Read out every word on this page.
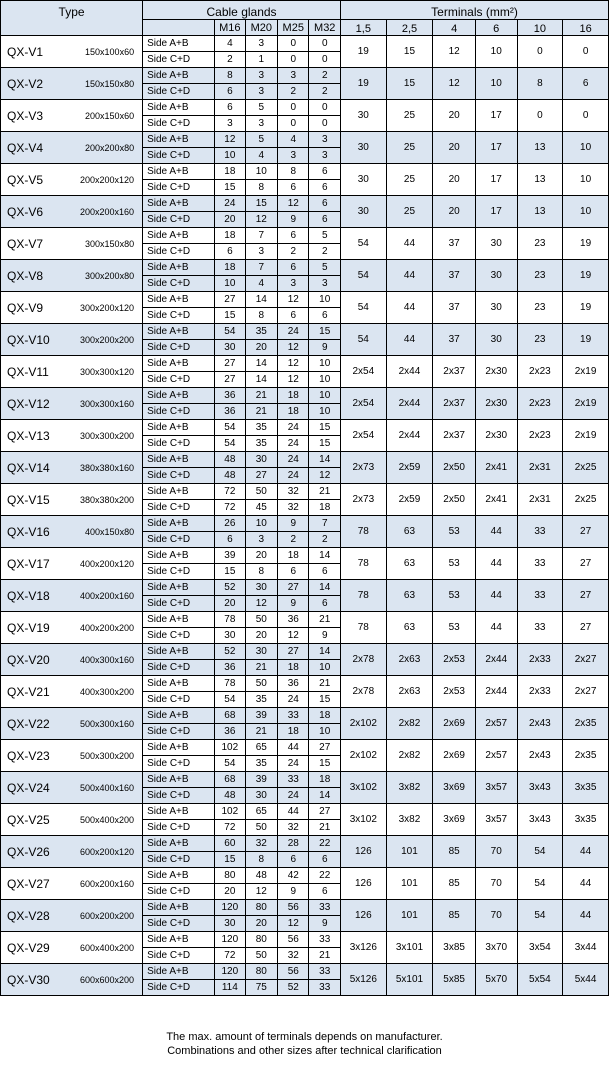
Type		Cable glands					Terminals (mm²)					
			M16	M20	M25	M32	1,5	2,5	4	6	10	16
QX-V1	150x100x60	Side A+B	4	3	0	0	19	15	12	10	0	0
		Side C+D	2	1	0	0						
QX-V2	150x150x80	Side A+B	8	3	3	2	19	15	12	10	8	6
		Side C+D	6	3	2	2						
QX-V3	200x150x60	Side A+B	6	5	0	0	30	25	20	17	0	0
		Side C+D	3	3	0	0						
QX-V4	200x200x80	Side A+B	12	5	4	3	30	25	20	17	13	10
		Side C+D	10	4	3	3						
QX-V5	200x200x120	Side A+B	18	10	8	6	30	25	20	17	13	10
		Side C+D	15	8	6	6						
QX-V6	200x200x160	Side A+B	24	15	12	6	30	25	20	17	13	10
		Side C+D	20	12	9	6						
QX-V7	300x150x80	Side A+B	18	7	6	5	54	44	37	30	23	19
		Side C+D	6	3	2	2						
QX-V8	300x200x80	Side A+B	18	7	6	5	54	44	37	30	23	19
		Side C+D	10	4	3	3						
QX-V9	300x200x120	Side A+B	27	14	12	10	54	44	37	30	23	19
		Side C+D	15	8	6	6						
QX-V10	300x200x200	Side A+B	54	35	24	15	54	44	37	30	23	19
		Side C+D	30	20	12	9						
QX-V11	300x300x120	Side A+B	27	14	12	10	2x54	2x44	2x37	2x30	2x23	2x19
		Side C+D	27	14	12	10						
QX-V12	300x300x160	Side A+B	36	21	18	10	2x54	2x44	2x37	2x30	2x23	2x19
		Side C+D	36	21	18	10						
QX-V13	300x300x200	Side A+B	54	35	24	15	2x54	2x44	2x37	2x30	2x23	2x19
		Side C+D	54	35	24	15						
QX-V14	380x380x160	Side A+B	48	30	24	14	2x73	2x59	2x50	2x41	2x31	2x25
		Side C+D	48	27	24	12						
QX-V15	380x380x200	Side A+B	72	50	32	21	2x73	2x59	2x50	2x41	2x31	2x25
		Side C+D	72	45	32	18						
QX-V16	400x150x80	Side A+B	26	10	9	7	78	63	53	44	33	27
		Side C+D	6	3	2	2						
QX-V17	400x200x120	Side A+B	39	20	18	14	78	63	53	44	33	27
		Side C+D	15	8	6	6						
QX-V18	400x200x160	Side A+B	52	30	27	14	78	63	53	44	33	27
		Side C+D	20	12	9	6						
QX-V19	400x200x200	Side A+B	78	50	36	21	78	63	53	44	33	27
		Side C+D	30	20	12	9						
QX-V20	400x300x160	Side A+B	52	30	27	14	2x78	2x63	2x53	2x44	2x33	2x27
		Side C+D	36	21	18	10						
QX-V21	400x300x200	Side A+B	78	50	36	21	2x78	2x63	2x53	2x44	2x33	2x27
		Side C+D	54	35	24	15						
QX-V22	500x300x160	Side A+B	68	39	33	18	2x102	2x82	2x69	2x57	2x43	2x35
		Side C+D	36	21	18	10						
QX-V23	500x300x200	Side A+B	102	65	44	27	2x102	2x82	2x69	2x57	2x43	2x35
		Side C+D	54	35	24	15						
QX-V24	500x400x160	Side A+B	68	39	33	18	3x102	3x82	3x69	3x57	3x43	3x35
		Side C+D	48	30	24	14						
QX-V25	500x400x200	Side A+B	102	65	44	27	3x102	3x82	3x69	3x57	3x43	3x35
		Side C+D	72	50	32	21						
QX-V26	600x200x120	Side A+B	60	32	28	22	126	101	85	70	54	44
		Side C+D	15	8	6	6						
QX-V27	600x200x160	Side A+B	80	48	42	22	126	101	85	70	54	44
		Side C+D	20	12	9	6						
QX-V28	600x200x200	Side A+B	120	80	56	33	126	101	85	70	54	44
		Side C+D	30	20	12	9						
QX-V29	600x400x200	Side A+B	120	80	56	33	3x126	3x101	3x85	3x70	3x54	3x44
		Side C+D	72	50	32	21						
QX-V30	600x600x200	Side A+B	120	80	56	33	5x126	5x101	5x85	5x70	5x54	5x44
		Side C+D	114	75	52	33						
The max. amount of terminals depends on manufacturer.
Combinations and other sizes after technical clarification
